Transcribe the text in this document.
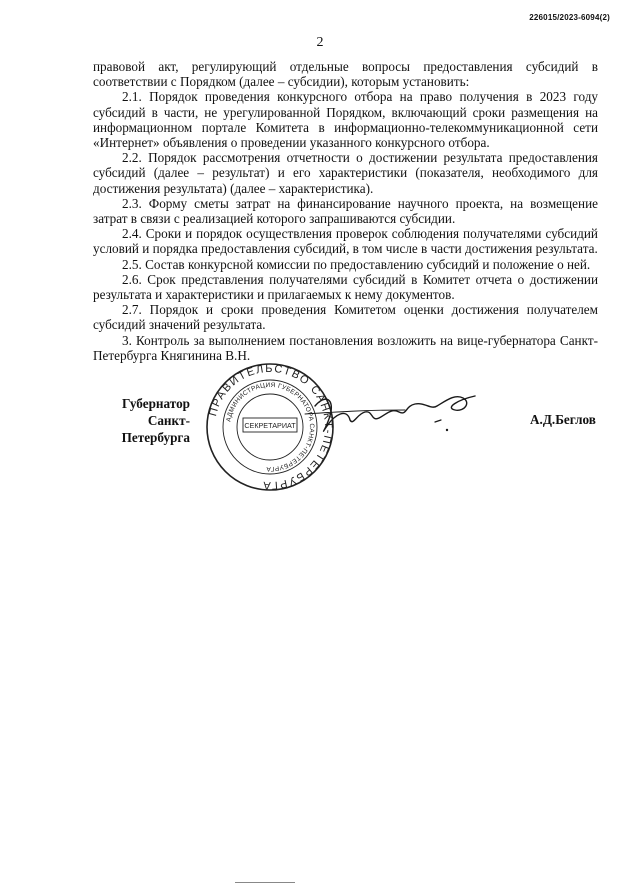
226015/2023-6094(2)
2

правовой акт, регулирующий отдельные вопросы предоставления субсидий в соответствии с Порядком (далее – субсидии), которым установить:

2.1. Порядок проведения конкурсного отбора на право получения в 2023 году субсидий в части, не урегулированной Порядком, включающий сроки размещения на информационном портале Комитета в информационно-телекоммуникационной сети «Интернет» объявления о проведении указанного конкурсного отбора.

2.2. Порядок рассмотрения отчетности о достижении результата предоставления субсидий (далее – результат) и его характеристики (показателя, необходимого для достижения результата) (далее – характеристика).

2.3. Форму сметы затрат на финансирование научного проекта, на возмещение затрат в связи с реализацией которого запрашиваются субсидии.

2.4. Сроки и порядок осуществления проверок соблюдения получателями субсидий условий и порядка предоставления субсидий, в том числе в части достижения результата.

2.5. Состав конкурсной комиссии по предоставлению субсидий и положение о ней.

2.6. Срок представления получателями субсидий в Комитет отчета о достижении результата и характеристики и прилагаемых к нему документов.

2.7. Порядок и сроки проведения Комитетом оценки достижения получателем субсидий значений результата.

3. Контроль за выполнением постановления возложить на вице-губернатора Санкт-Петербурга Княгинина В.Н.

Губернатор
Санкт-Петербурга
А.Д.Беглов
ПРАВИТЕЛЬСТВО САНКТ-ПЕТЕРБУРГА
АДМИНИСТРАЦИЯ ГУБЕРНАТОРА САНКТ-ПЕТЕРБУРГА
СЕКРЕТАРИАТ
